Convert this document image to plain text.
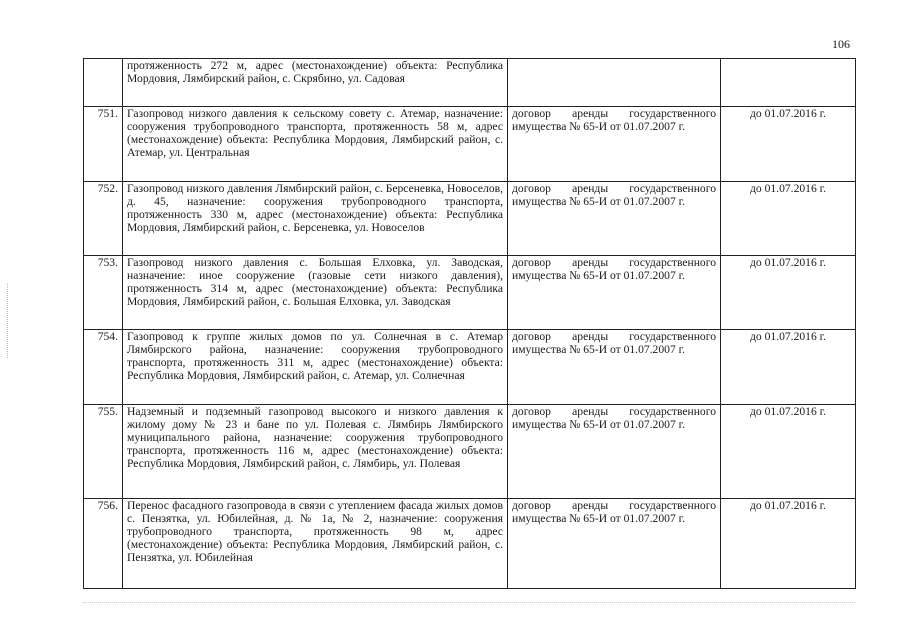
106
	протяженность 272 м, адрес (местонахождение) объекта: Республика Мордовия, Лямбирский район, с. Скрябино, ул. Садовая		
751.	Газопровод низкого давления к сельскому совету с. Атемар, назначение: сооружения трубопроводного транспорта, протяженность 58 м, адрес (местонахождение) объекта: Республика Мордовия, Лямбирский район, с. Атемар, ул. Центральная	договор аренды государственного имущества № 65-И от 01.07.2007 г.	до 01.07.2016 г.
752.	Газопровод низкого давления Лямбирский район, с. Берсеневка, Новоселов, д. 45, назначение: сооружения трубопроводного транспорта, протяженность 330 м, адрес (местонахождение) объекта: Республика Мордовия, Лямбирский район, с. Берсеневка, ул. Новоселов	договор аренды государственного имущества № 65-И от 01.07.2007 г.	до 01.07.2016 г.
753.	Газопровод низкого давления с. Большая Елховка, ул. Заводская, назначение: иное сооружение (газовые сети низкого давления), протяженность 314 м, адрес (местонахождение) объекта: Республика Мордовия, Лямбирский район, с. Большая Елховка, ул. Заводская	договор аренды государственного имущества № 65-И от 01.07.2007 г.	до 01.07.2016 г.
754.	Газопровод к группе жилых домов по ул. Солнечная в с. Атемар Лямбирского района, назначение: сооружения трубопроводного транспорта, протяженность 311 м, адрес (местонахождение) объекта: Республика Мордовия, Лямбирский район, с. Атемар, ул. Солнечная	договор аренды государственного имущества № 65-И от 01.07.2007 г.	до 01.07.2016 г.
755.	Надземный и подземный газопровод высокого и низкого давления к жилому дому № 23 и бане по ул. Полевая с. Лямбирь Лямбирского муниципального района, назначение: сооружения трубопроводного транспорта, протяженность 116 м, адрес (местонахождение) объекта: Республика Мордовия, Лямбирский район, с. Лямбирь, ул. Полевая	договор аренды государственного имущества № 65-И от 01.07.2007 г.	до 01.07.2016 г.
756.	Перенос фасадного газопровода в связи с утеплением фасада жилых домов с. Пензятка, ул. Юбилейная, д. № 1а, № 2, назначение: сооружения трубопроводного транспорта, протяженность 98 м, адрес (местонахождение) объекта: Республика Мордовия, Лямбирский район, с. Пензятка, ул. Юбилейная	договор аренды государственного имущества № 65-И от 01.07.2007 г.	до 01.07.2016 г.
